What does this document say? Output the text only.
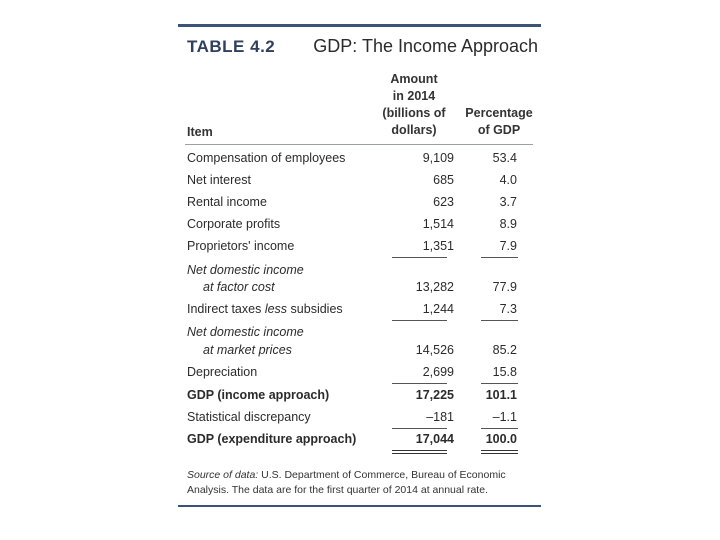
TABLE 4.2 GDP: The Income Approach
Amount
in 2014
(billions of
dollars)
Percentage
of GDP
Item
Compensation of employees	9,109	53.4
Net interest	685	4.0
Rental income	623	3.7
Corporate profits	1,514	8.9
Proprietors' income	1,351	7.9
Net domestic income
at factor cost	13,282	77.9
Indirect taxes less subsidies	1,244	7.3
Net domestic income
at market prices	14,526	85.2
Depreciation	2,699	15.8
GDP (income approach)	17,225	101.1
Statistical discrepancy	–181	–1.1
GDP (expenditure approach)	17,044	100.0
Source of data: U.S. Department of Commerce, Bureau of Economic Analysis. The data are for the first quarter of 2014 at annual rate.
